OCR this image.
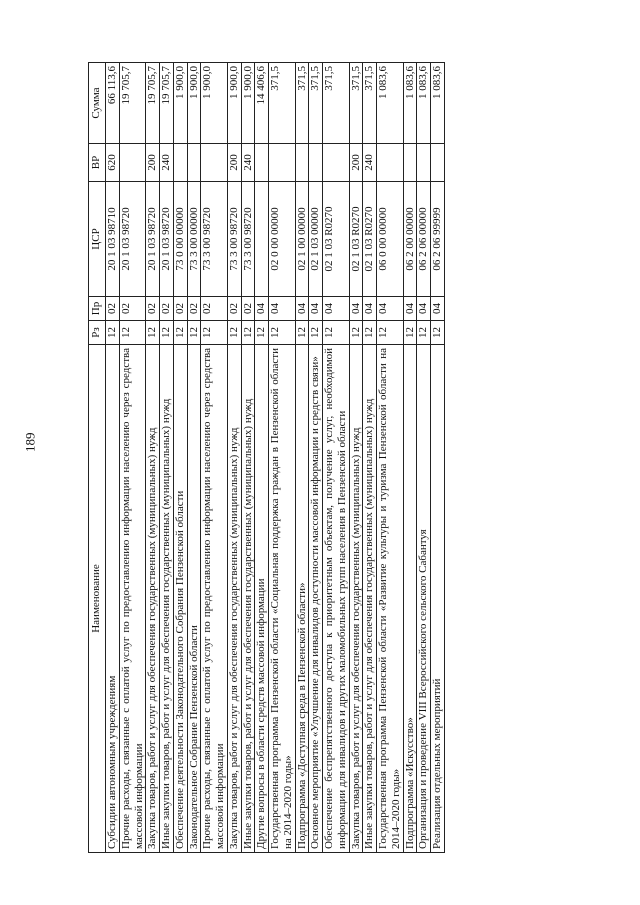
189
Наименование	Рз	Пр	ЦСР	ВР	Сумма
Субсидии автономным учреждениям	12	02	20 1 03 98710	620	66 113,6
Прочие расходы, связанные с оплатой услуг по предоставлению информации населению через средства массовой информации	12	02	20 1 03 98720		19 705,7
Закупка товаров, работ и услуг для обеспечения государственных (муниципальных) нужд	12	02	20 1 03 98720	200	19 705,7
Иные закупки товаров, работ и услуг для обеспечения государственных (муниципальных) нужд	12	02	20 1 03 98720	240	19 705,7
Обеспечение деятельности Законодательного Собрания Пензенской области	12	02	73 0 00 00000		1 900,0
Законодательное Собрание Пензенской области	12	02	73 3 00 00000		1 900,0
Прочие расходы, связанные с оплатой услуг по предоставлению информации населению через средства массовой информации	12	02	73 3 00 98720		1 900,0
Закупка товаров, работ и услуг для обеспечения государственных (муниципальных) нужд	12	02	73 3 00 98720	200	1 900,0
Иные закупки товаров, работ и услуг для обеспечения государственных (муниципальных) нужд	12	02	73 3 00 98720	240	1 900,0
Другие вопросы в области средств массовой информации	12	04			14 406,6
Государственная программа Пензенской области «Социальная поддержка граждан в Пензенской области на 2014–2020 годы»	12	04	02 0 00 00000		371,5
Подпрограмма «Доступная среда в Пензенской области»	12	04	02 1 00 00000		371,5
Основное мероприятие «Улучшение для инвалидов доступности массовой информации и средств связи»	12	04	02 1 03 00000		371,5
Обеспечение беспрепятственного доступа к приоритетным объектам, получение услуг, необходимой информации для инвалидов и других маломобильных групп населения в Пензенской области	12	04	02 1 03 R0270		371,5
Закупка товаров, работ и услуг для обеспечения государственных (муниципальных) нужд	12	04	02 1 03 R0270	200	371,5
Иные закупки товаров, работ и услуг для обеспечения государственных (муниципальных) нужд	12	04	02 1 03 R0270	240	371,5
Государственная программа Пензенской области «Развитие культуры и туризма Пензенской области на 2014–2020 годы»	12	04	06 0 00 00000		1 083,6
Подпрограмма «Искусство»	12	04	06 2 00 00000		1 083,6
Организация и проведение VIII Всероссийского сельского Сабантуя	12	04	06 2 06 00000		1 083,6
Реализация отдельных мероприятий	12	04	06 2 06 99999		1 083,6
